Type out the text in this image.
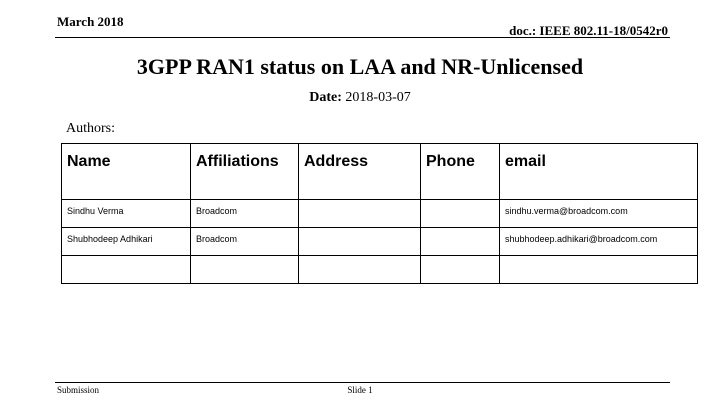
March 2018
doc.: IEEE 802.11-18/0542r0
3GPP RAN1 status on LAA and NR-Unlicensed
Date: 2018-03-07
Authors:
Name	Affiliations	Address	Phone	email
Sindhu Verma	Broadcom			sindhu.verma@broadcom.com
Shubhodeep Adhikari	Broadcom			shubhodeep.adhikari@broadcom.com

Submission	Slide 1
